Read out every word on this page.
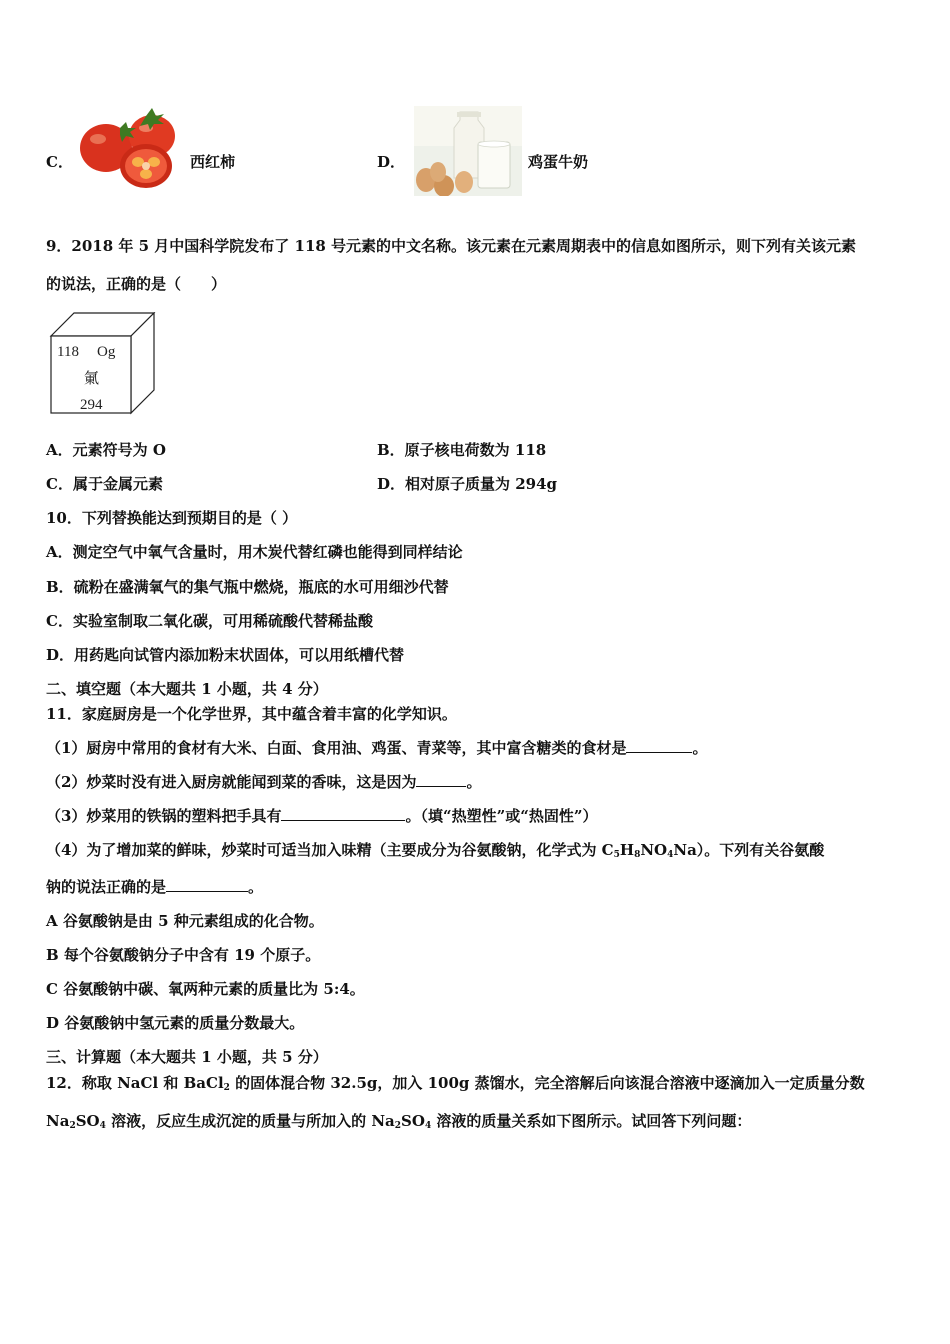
C．	西红柿	D．	鸡蛋牛奶
9．2018 年 5 月中国科学院发布了 118 号元素的中文名称。该元素在元素周期表中的信息如图所示，则下列有关该元素
的说法，正确的是（　　）
118 Og
氭
294
A．元素符号为 O	B．原子核电荷数为 118
C．属于金属元素	D．相对原子质量为 294g
10．下列替换能达到预期目的是（ ）
A．测定空气中氧气含量时，用木炭代替红磷也能得到同样结论
B．硫粉在盛满氧气的集气瓶中燃烧，瓶底的水可用细沙代替
C．实验室制取二氧化碳，可用稀硫酸代替稀盐酸
D．用药匙向试管内添加粉末状固体，可以用纸槽代替
二、填空题（本大题共 1 小题，共 4 分）
11．家庭厨房是一个化学世界，其中蕴含着丰富的化学知识。
（1）厨房中常用的食材有大米、白面、食用油、鸡蛋、青菜等，其中富含糖类的食材是	。
（2）炒菜时没有进入厨房就能闻到菜的香味，这是因为	。
（3）炒菜用的铁锅的塑料把手具有	。（填“热塑性”或“热固性”）
（4）为了增加菜的鲜味，炒菜时可适当加入味精（主要成分为谷氨酸钠，化学式为 $C_5H_8NO_4Na$）。下列有关谷氨酸
钠的说法正确的是	。
A 谷氨酸钠是由 5 种元素组成的化合物。
B 每个谷氨酸钠分子中含有 19 个原子。
C 谷氨酸钠中碳、氧两种元素的质量比为 5:4。
D 谷氨酸钠中氢元素的质量分数最大。
三、计算题（本大题共 1 小题，共 5 分）
12．称取 NaCl 和 BaCl$_2$ 的固体混合物 32.5g，加入 100g 蒸馏水，完全溶解后向该混合溶液中逐滴加入一定质量分数
$Na_2SO_4$ 溶液，反应生成沉淀的质量与所加入的 $Na_2SO_4$ 溶液的质量关系如下图所示。试回答下列问题：
